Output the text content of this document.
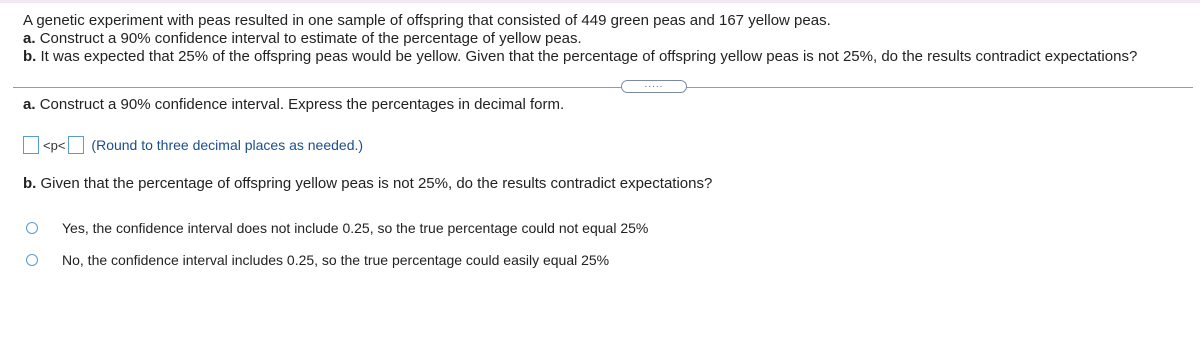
A genetic experiment with peas resulted in one sample of offspring that consisted of 449 green peas and 167 yellow peas.
a. Construct a 90% confidence interval to estimate of the percentage of yellow peas.
b. It was expected that 25% of the offspring peas would be yellow. Given that the percentage of offspring yellow peas is not 25%, do the results contradict expectations?
.....
a. Construct a 90% confidence interval. Express the percentages in decimal form.
<p< (Round to three decimal places as needed.)
b. Given that the percentage of offspring yellow peas is not 25%, do the results contradict expectations?
Yes, the confidence interval does not include 0.25, so the true percentage could not equal 25%
No, the confidence interval includes 0.25, so the true percentage could easily equal 25%
